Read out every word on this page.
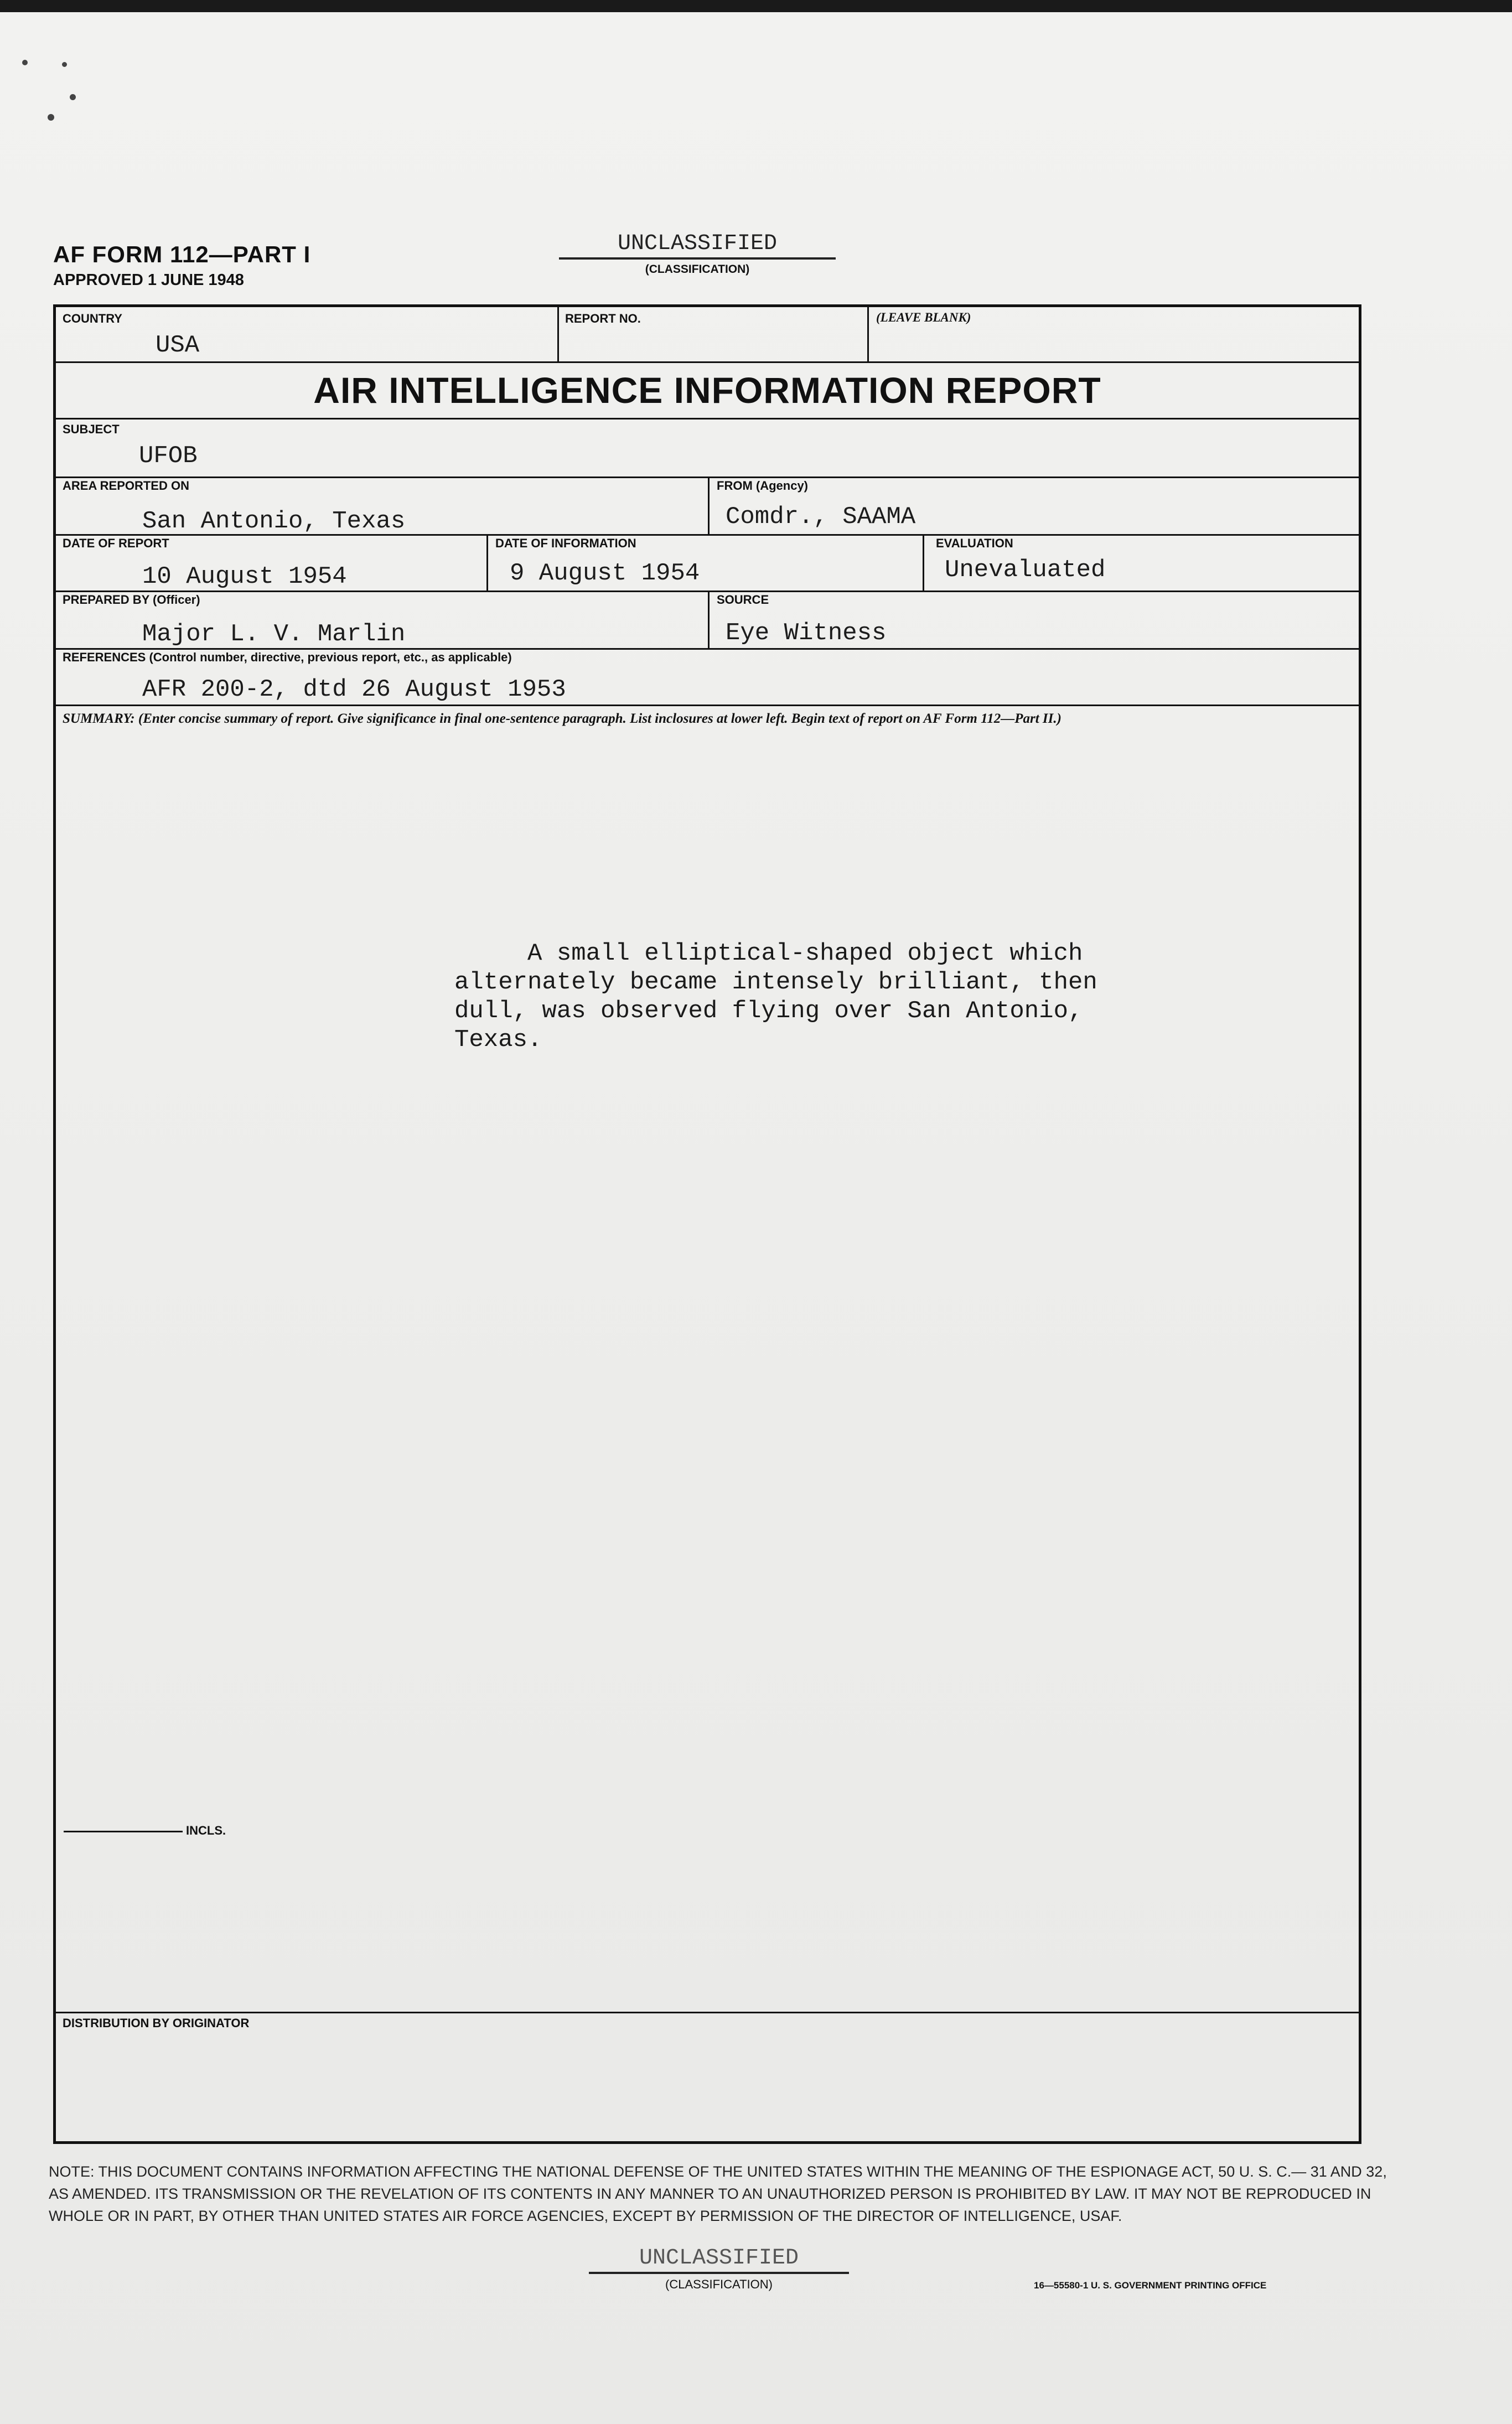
AF FORM 112—PART I
APPROVED 1 JUNE 1948
UNCLASSIFIED
(CLASSIFICATION)
COUNTRY
USA
REPORT NO.	(LEAVE BLANK)
AIR INTELLIGENCE INFORMATION REPORT
SUBJECT
UFOB
AREA REPORTED ON
San Antonio, Texas
FROM (Agency)
Comdr., SAAMA
DATE OF REPORT
10 August 1954
DATE OF INFORMATION
9 August 1954
EVALUATION
Unevaluated
PREPARED BY (Officer)
Major L. V. Marlin
SOURCE
Eye Witness
REFERENCES (Control number, directive, previous report, etc., as applicable)
AFR 200-2, dtd 26 August 1953
SUMMARY: (Enter concise summary of report. Give significance in final one-sentence paragraph. List inclosures at lower left. Begin text of report on AF Form 112—Part II.)
A small elliptical-shaped object which
alternately became intensely brilliant, then
dull, was observed flying over San Antonio,
Texas.
INCLS.
DISTRIBUTION BY ORIGINATOR
NOTE: THIS DOCUMENT CONTAINS INFORMATION AFFECTING THE NATIONAL DEFENSE OF THE UNITED STATES WITHIN THE MEANING OF THE ESPIONAGE ACT, 50 U. S. C.— 31 AND 32, AS AMENDED. ITS TRANSMISSION OR THE REVELATION OF ITS CONTENTS IN ANY MANNER TO AN UNAUTHORIZED PERSON IS PROHIBITED BY LAW. IT MAY NOT BE REPRODUCED IN WHOLE OR IN PART, BY OTHER THAN UNITED STATES AIR FORCE AGENCIES, EXCEPT BY PERMISSION OF THE DIRECTOR OF INTELLIGENCE, USAF.
UNCLASSIFIED
(CLASSIFICATION)	16—55580-1 U. S. GOVERNMENT PRINTING OFFICE
